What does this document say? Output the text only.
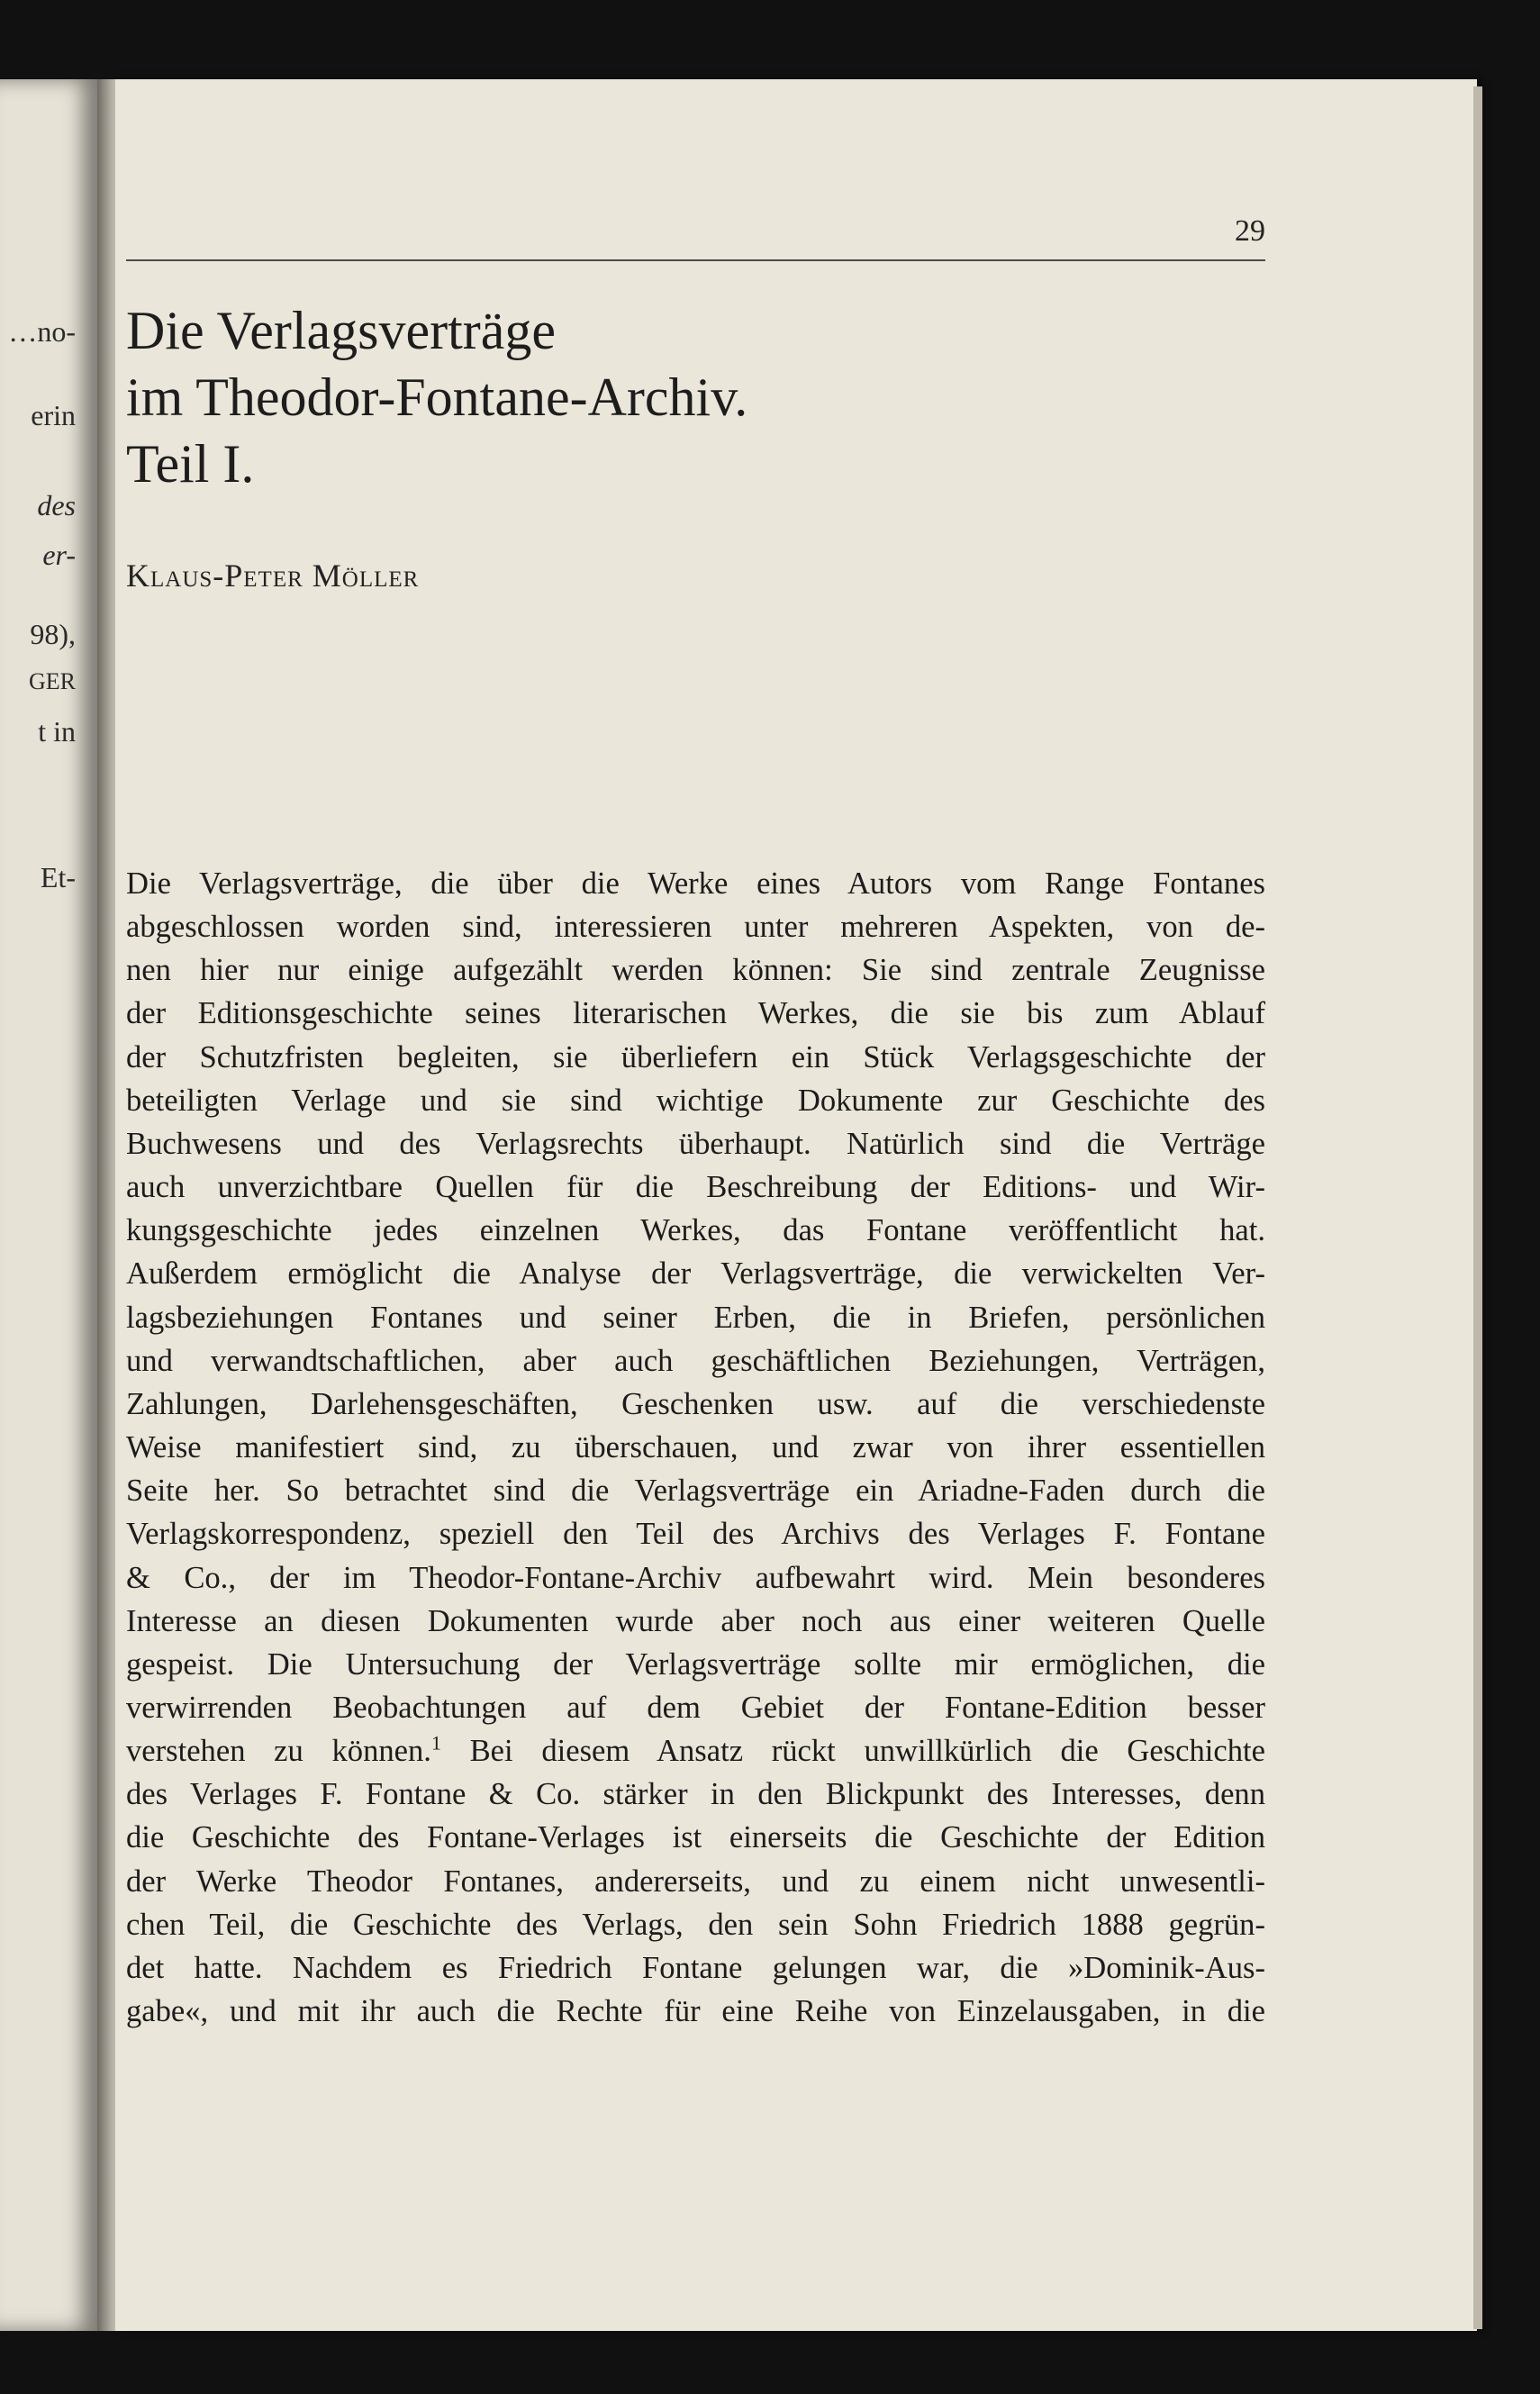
…no-
erin
des
er-
98),
GER
t in
Et-
29
Die Verlagsverträge
im Theodor-Fontane-Archiv.
Teil I.
Klaus-Peter Möller
Die Verlagsverträge, die über die Werke eines Autors vom Range Fontanes
abgeschlossen worden sind, interessieren unter mehreren Aspekten, von de-
nen hier nur einige aufgezählt werden können: Sie sind zentrale Zeugnisse
der Editionsgeschichte seines literarischen Werkes, die sie bis zum Ablauf
der Schutzfristen begleiten, sie überliefern ein Stück Verlagsgeschichte der
beteiligten Verlage und sie sind wichtige Dokumente zur Geschichte des
Buchwesens und des Verlagsrechts überhaupt. Natürlich sind die Verträge
auch unverzichtbare Quellen für die Beschreibung der Editions- und Wir-
kungsgeschichte jedes einzelnen Werkes, das Fontane veröffentlicht hat.
Außerdem ermöglicht die Analyse der Verlagsverträge, die verwickelten Ver-
lagsbeziehungen Fontanes und seiner Erben, die in Briefen, persönlichen
und verwandtschaftlichen, aber auch geschäftlichen Beziehungen, Verträgen,
Zahlungen, Darlehensgeschäften, Geschenken usw. auf die verschiedenste
Weise manifestiert sind, zu überschauen, und zwar von ihrer essentiellen
Seite her. So betrachtet sind die Verlagsverträge ein Ariadne-Faden durch die
Verlagskorrespondenz, speziell den Teil des Archivs des Verlages F. Fontane
& Co., der im Theodor-Fontane-Archiv aufbewahrt wird. Mein besonderes
Interesse an diesen Dokumenten wurde aber noch aus einer weiteren Quelle
gespeist. Die Untersuchung der Verlagsverträge sollte mir ermöglichen, die
verwirrenden Beobachtungen auf dem Gebiet der Fontane-Edition besser
verstehen zu können.$^1$ Bei diesem Ansatz rückt unwillkürlich die Geschichte
des Verlages F. Fontane & Co. stärker in den Blickpunkt des Interesses, denn
die Geschichte des Fontane-Verlages ist einerseits die Geschichte der Edition
der Werke Theodor Fontanes, andererseits, und zu einem nicht unwesentli-
chen Teil, die Geschichte des Verlags, den sein Sohn Friedrich 1888 gegrün-
det hatte. Nachdem es Friedrich Fontane gelungen war, die »Dominik-Aus-
gabe«, und mit ihr auch die Rechte für eine Reihe von Einzelausgaben, in die
